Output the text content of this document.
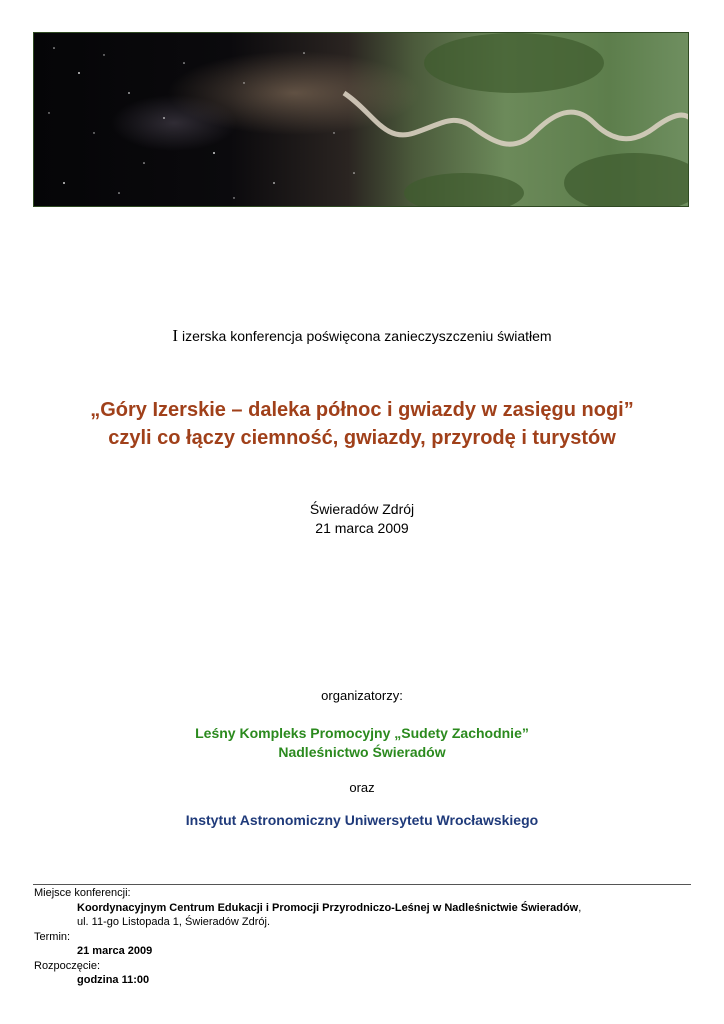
I izerska konferencja poświęcona zanieczyszczeniu światłem
„Góry Izerskie – daleka północ i gwiazdy w zasięgu nogi”
czyli co łączy ciemność, gwiazdy, przyrodę i turystów
Świeradów Zdrój
21 marca 2009
organizatorzy:
Leśny Kompleks Promocyjny „Sudety Zachodnie”
Nadleśnictwo Świeradów
oraz
Instytut Astronomiczny Uniwersytetu Wrocławskiego
Miejsce konferencji:
Koordynacyjnym Centrum Edukacji i Promocji Przyrodniczo-Leśnej w Nadleśnictwie Świeradów,
ul. 11-go Listopada 1, Świeradów Zdrój.
Termin:
21 marca 2009
Rozpoczęcie:
godzina 11:00
